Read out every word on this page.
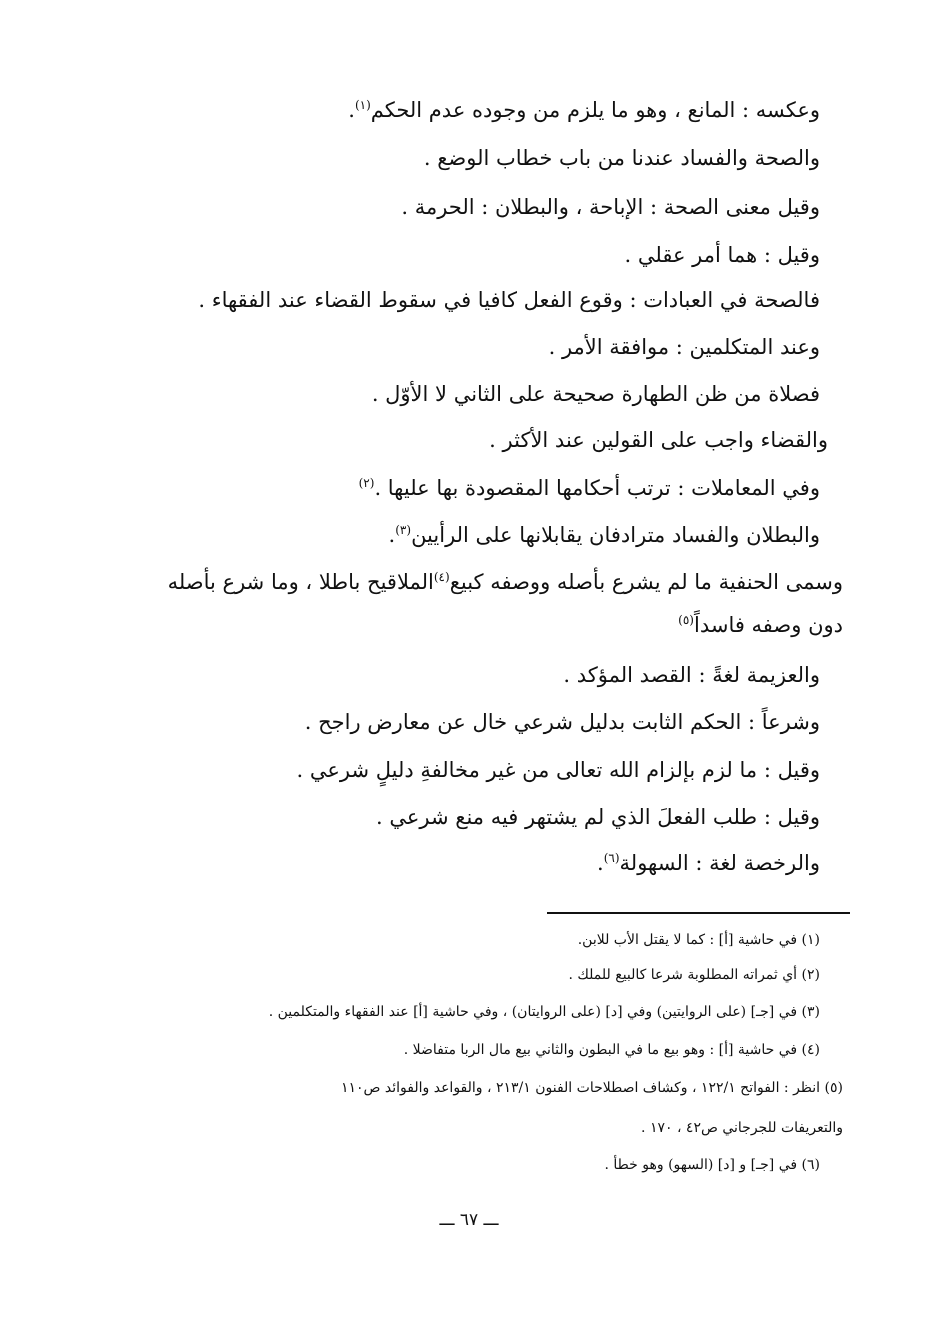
وعكسه : المانع ، وهو ما يلزم من وجوده عدم الحكم$^{(١)}$.
والصحة والفساد عندنا من باب خطاب الوضع .
وقيل معنى الصحة : الإباحة ، والبطلان : الحرمة .
وقيل : هما أمر عقلي .
فالصحة في العبادات : وقوع الفعل كافيا في سقوط القضاء عند الفقهاء .
وعند المتكلمين : موافقة الأمر .
فصلاة من ظن الطهارة صحيحة على الثاني لا الأوّل .
والقضاء واجب على القولين عند الأكثر .
وفي المعاملات : ترتب أحكامها المقصودة بها عليها .$^{(٢)}$
والبطلان والفساد مترادفان يقابلانها على الرأيين$^{(٣)}$.
وسمى الحنفية ما لم يشرع بأصله ووصفه كبيع$^{(٤)}$الملاقيح باطلا ، وما شرع بأصله
دون وصفه فاسداً$^{(٥)}$
والعزيمة لغةً : القصد المؤكد .
وشرعاً : الحكم الثابت بدليل شرعي خال عن معارض راجح .
وقيل : ما لزم بإلزام الله تعالى من غير مخالفةِ دليلٍ شرعي .
وقيل : طلب الفعلَ الذي لم يشتهر فيه منع شرعي .
والرخصة لغة : السهولة$^{(٦)}$.
(١) في حاشية [أ] : كما لا يقتل الأب للابن.
(٢) أي ثمراته المطلوبة شرعا كالبيع للملك .
(٣) في [جـ] (على الروايتين) وفي [د] (على الروايتان) ، وفي حاشية [أ] عند الفقهاء والمتكلمين .
(٤) في حاشية [أ] : وهو بيع ما في البطون والثاني بيع مال الربا متفاضلا .
(٥) انظر : الفواتح ١٢٢/١ ، وكشاف اصطلاحات الفنون ٢١٣/١ ، والقواعد والفوائد ص١١٠
والتعريفات للجرجاني ص٤٢ ، ١٧٠ .
(٦) في [جـ] و [د] (السهو) وهو خطأ .
ـــ ٦٧ ـــ
